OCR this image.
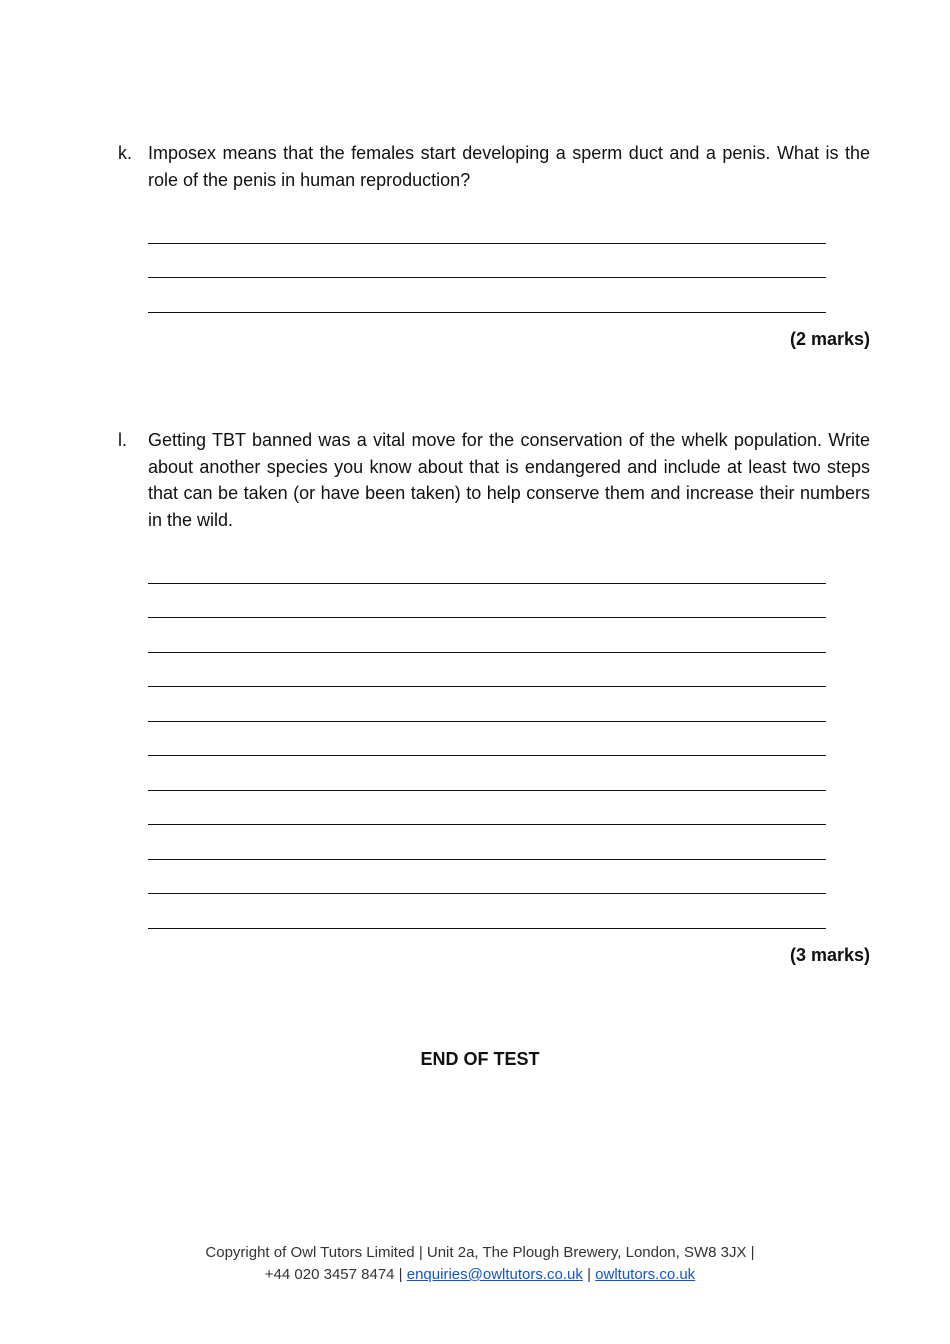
k. Imposex means that the females start developing a sperm duct and a penis. What is the role of the penis in human reproduction?
(2 marks)
l. Getting TBT banned was a vital move for the conservation of the whelk population. Write about another species you know about that is endangered and include at least two steps that can be taken (or have been taken) to help conserve them and increase their numbers in the wild.
(3 marks)
END OF TEST
Copyright of Owl Tutors Limited | Unit 2a, The Plough Brewery, London, SW8 3JX |
+44 020 3457 8474 | enquiries@owltutors.co.uk | owltutors.co.uk
